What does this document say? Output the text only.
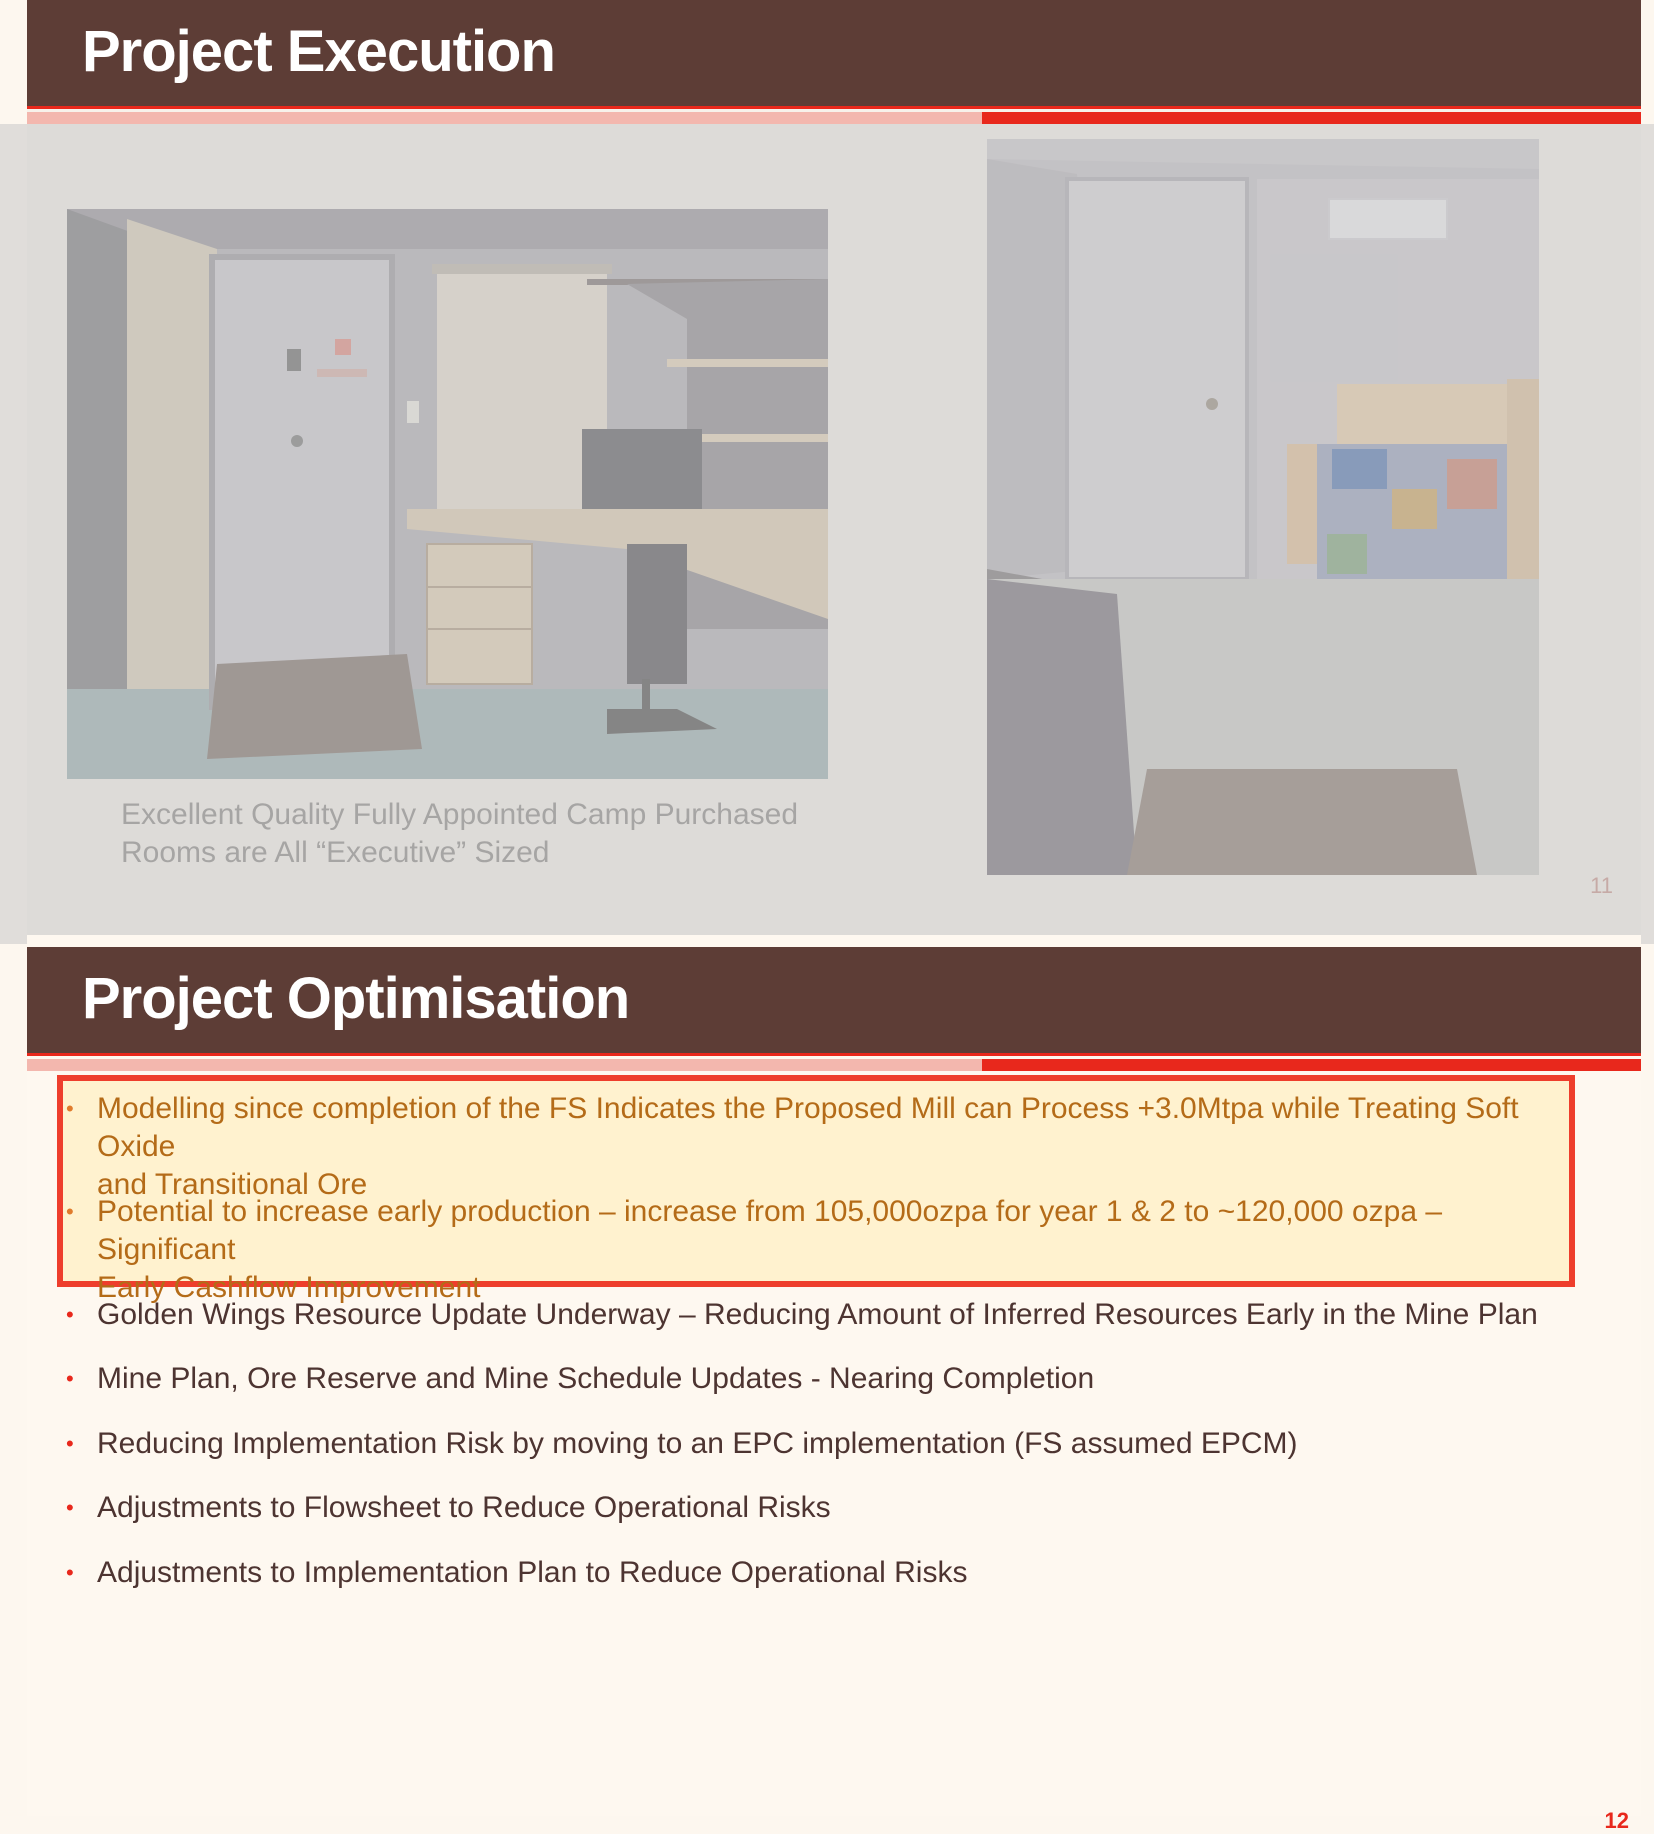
Project Execution
Project Optimisation
12
• Modelling since completion of the FS Indicates the Proposed Mill can Process +3.0Mtpa while Treating Soft Oxide
and Transitional Ore
• Potential to increase early production – increase from 105,000ozpa for year 1 & 2 to ~120,000 ozpa – Significant
Early Cashflow Improvement
• Golden Wings Resource Update Underway – Reducing Amount of Inferred Resources Early in the Mine Plan
• Mine Plan, Ore Reserve and Mine Schedule Updates - Nearing Completion
• Reducing Implementation Risk by moving to an EPC implementation (FS assumed EPCM)
• Adjustments to Flowsheet to Reduce Operational Risks
• Adjustments to Implementation Plan to Reduce Operational Risks
